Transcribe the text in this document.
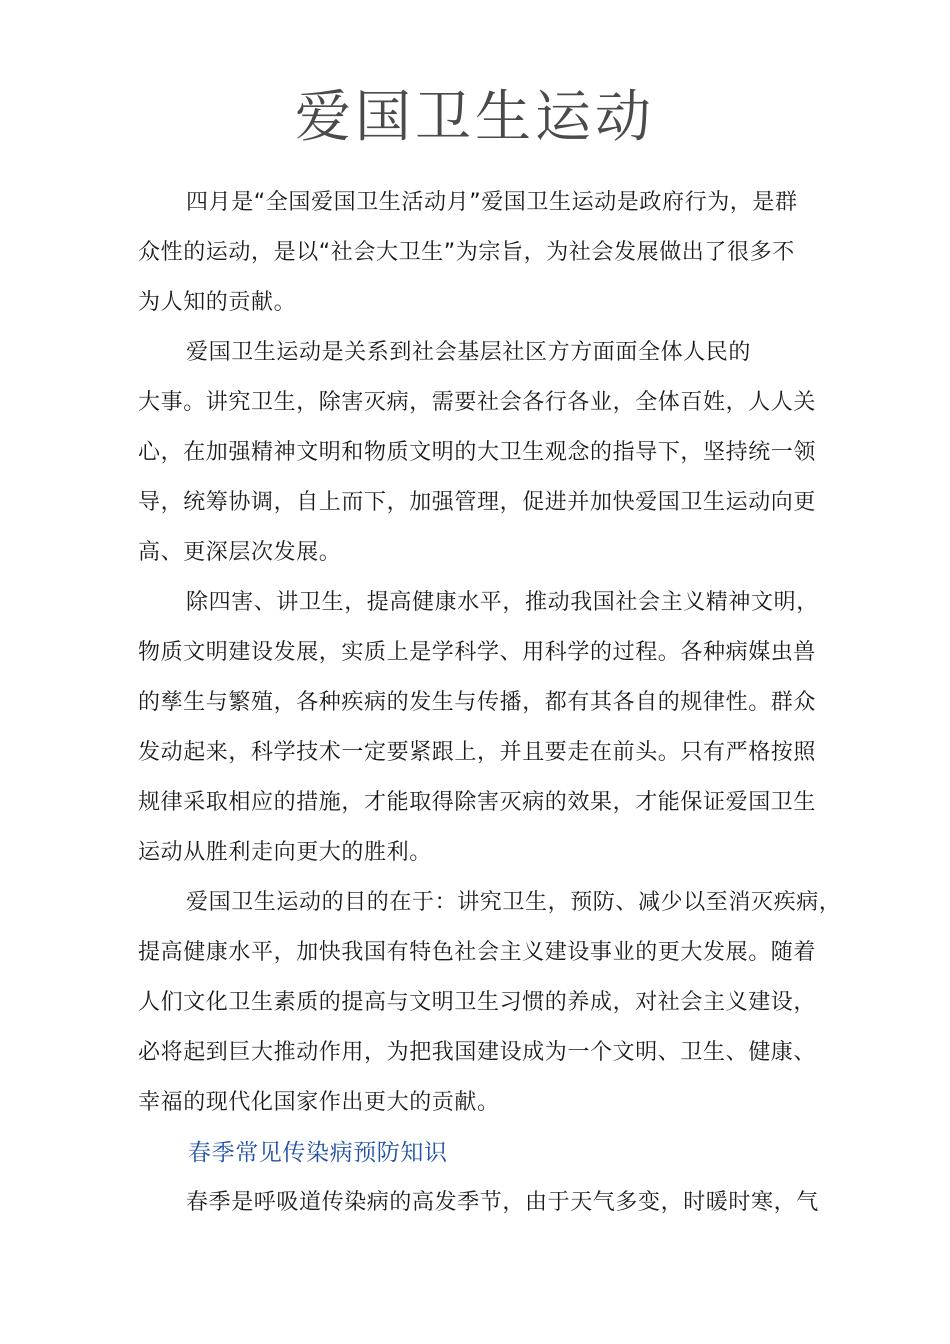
爱国卫生运动

四月是“全国爱国卫生活动月”爱国卫生运动是政府行为，是群
众性的运动，是以“社会大卫生”为宗旨，为社会发展做出了很多不
为人知的贡献。

爱国卫生运动是关系到社会基层社区方方面面全体人民的
大事。讲究卫生，除害灭病，需要社会各行各业，全体百姓，人人关
心，在加强精神文明和物质文明的大卫生观念的指导下，坚持统一领
导，统筹协调，自上而下，加强管理，促进并加快爱国卫生运动向更
高、更深层次发展。

除四害、讲卫生，提高健康水平，推动我国社会主义精神文明，
物质文明建设发展，实质上是学科学、用科学的过程。各种病媒虫兽
的孳生与繁殖，各种疾病的发生与传播，都有其各自的规律性。群众
发动起来，科学技术一定要紧跟上，并且要走在前头。只有严格按照
规律采取相应的措施，才能取得除害灭病的效果，才能保证爱国卫生
运动从胜利走向更大的胜利。

爱国卫生运动的目的在于：讲究卫生，预防、减少以至消灭疾病，
提高健康水平，加快我国有特色社会主义建设事业的更大发展。随着
人们文化卫生素质的提高与文明卫生习惯的养成，对社会主义建设，
必将起到巨大推动作用，为把我国建设成为一个文明、卫生、健康、
幸福的现代化国家作出更大的贡献。

春季常见传染病预防知识

春季是呼吸道传染病的高发季节，由于天气多变，时暖时寒，气
